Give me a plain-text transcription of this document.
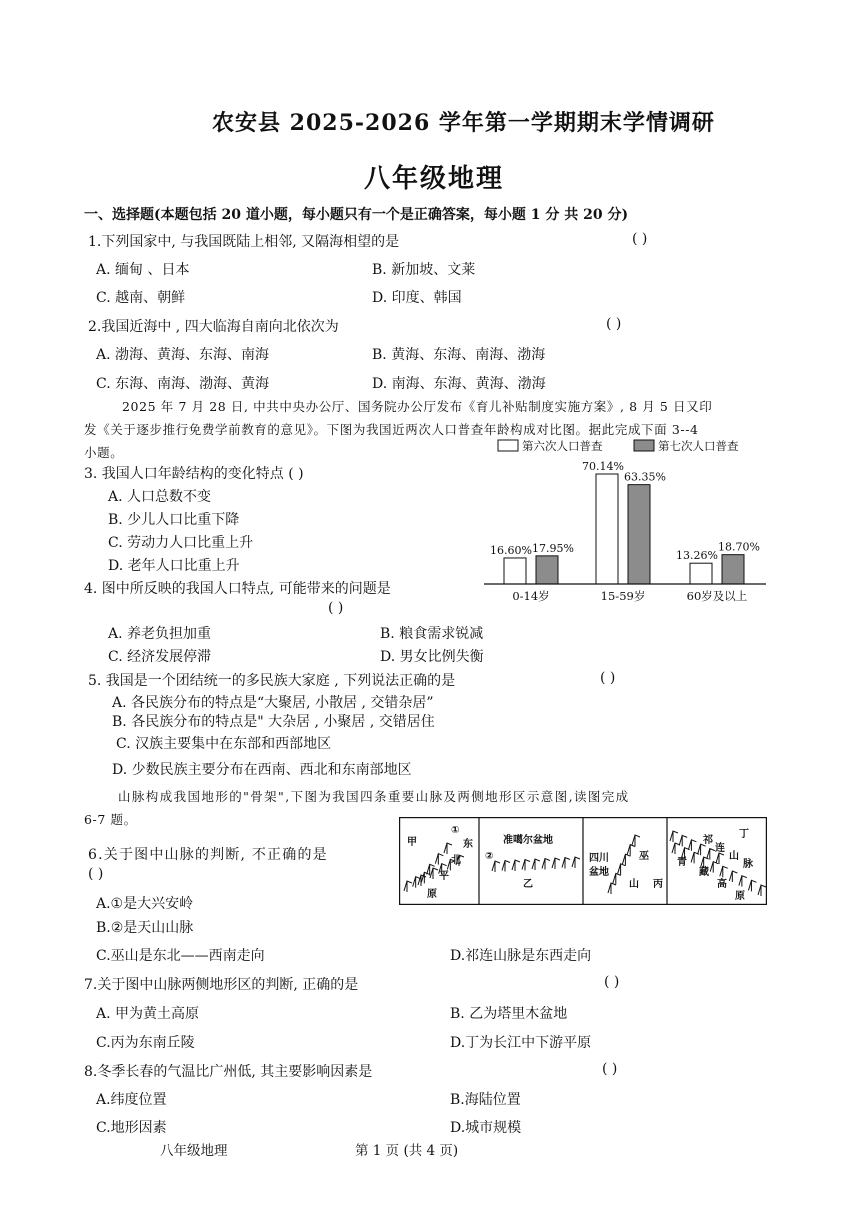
农安县 2025-2026 学年第一学期期末学情调研
八年级地理
一、选择题(本题包括 20 道小题，每小题只有一个是正确答案，每小题 1 分 共 20 分)
1.下列国家中, 与我国既陆上相邻, 又隔海相望的是	( )
A. 缅甸 、日本	B. 新加坡、文莱
C. 越南、朝鲜	D. 印度、韩国
2.我国近海中 , 四大临海自南向北依次为	( )
A. 渤海、黄海、东海、南海	B. 黄海、东海、南海、渤海
C. 东海、南海、渤海、黄海	D. 南海、东海、黄海、渤海
2025 年 7 月 28 日, 中共中央办公厅、国务院办公厅发布《育儿补贴制度实施方案》, 8 月 5 日又印
发《关于逐步推行免费学前教育的意见》。下图为我国近两次人口普查年龄构成对比图。据此完成下面 3--4
小题。	第六次人口普查	第七次人口普查
16.60% 17.95%
0-14岁
70.14%
63.35%
15-59岁
13.26%
18.70%
60岁及以上
3. 我国人口年龄结构的变化特点 ( )
A. 人口总数不变
B. 少儿人口比重下降
C. 劳动力人口比重上升
D. 老年人口比重上升
4. 图中所反映的我国人口特点, 可能带来的问题是
( )
A. 养老负担加重	B. 粮食需求锐减
C. 经济发展停滞	D. 男女比例失衡
5. 我国是一个团结统一的多民族大家庭 , 下列说法正确的是	( )
A. 各民族分布的特点是“大聚居, 小散居 , 交错杂居”
B. 各民族分布的特点是" 大杂居 , 小聚居 , 交错居住
C. 汉族主要集中在东部和西部地区
D. 少数民族主要分布在西南、西北和东南部地区
山脉构成我国地形的"骨架",下图为我国四条重要山脉及两侧地形区示意图,读图完成
6-7 题。
甲
①
东
北
平
原
②
准噶尔盆地
乙
四川
盆地
巫
山 丙
丁
祁
连
山
脉
青
藏
高
原
6.关于图中山脉的判断, 不正确的是
( )
A.①是大兴安岭
B.②是天山山脉
C.巫山是东北——西南走向	D.祁连山脉是东西走向
7.关于图中山脉两侧地形区的判断, 正确的是	( )
A. 甲为黄土高原	B. 乙为塔里木盆地
C.丙为东南丘陵	D.丁为长江中下游平原
8.冬季长春的气温比广州低, 其主要影响因素是	( )
A.纬度位置	B.海陆位置
C.地形因素	D.城市规模
八年级地理	第 1 页 (共 4 页)
